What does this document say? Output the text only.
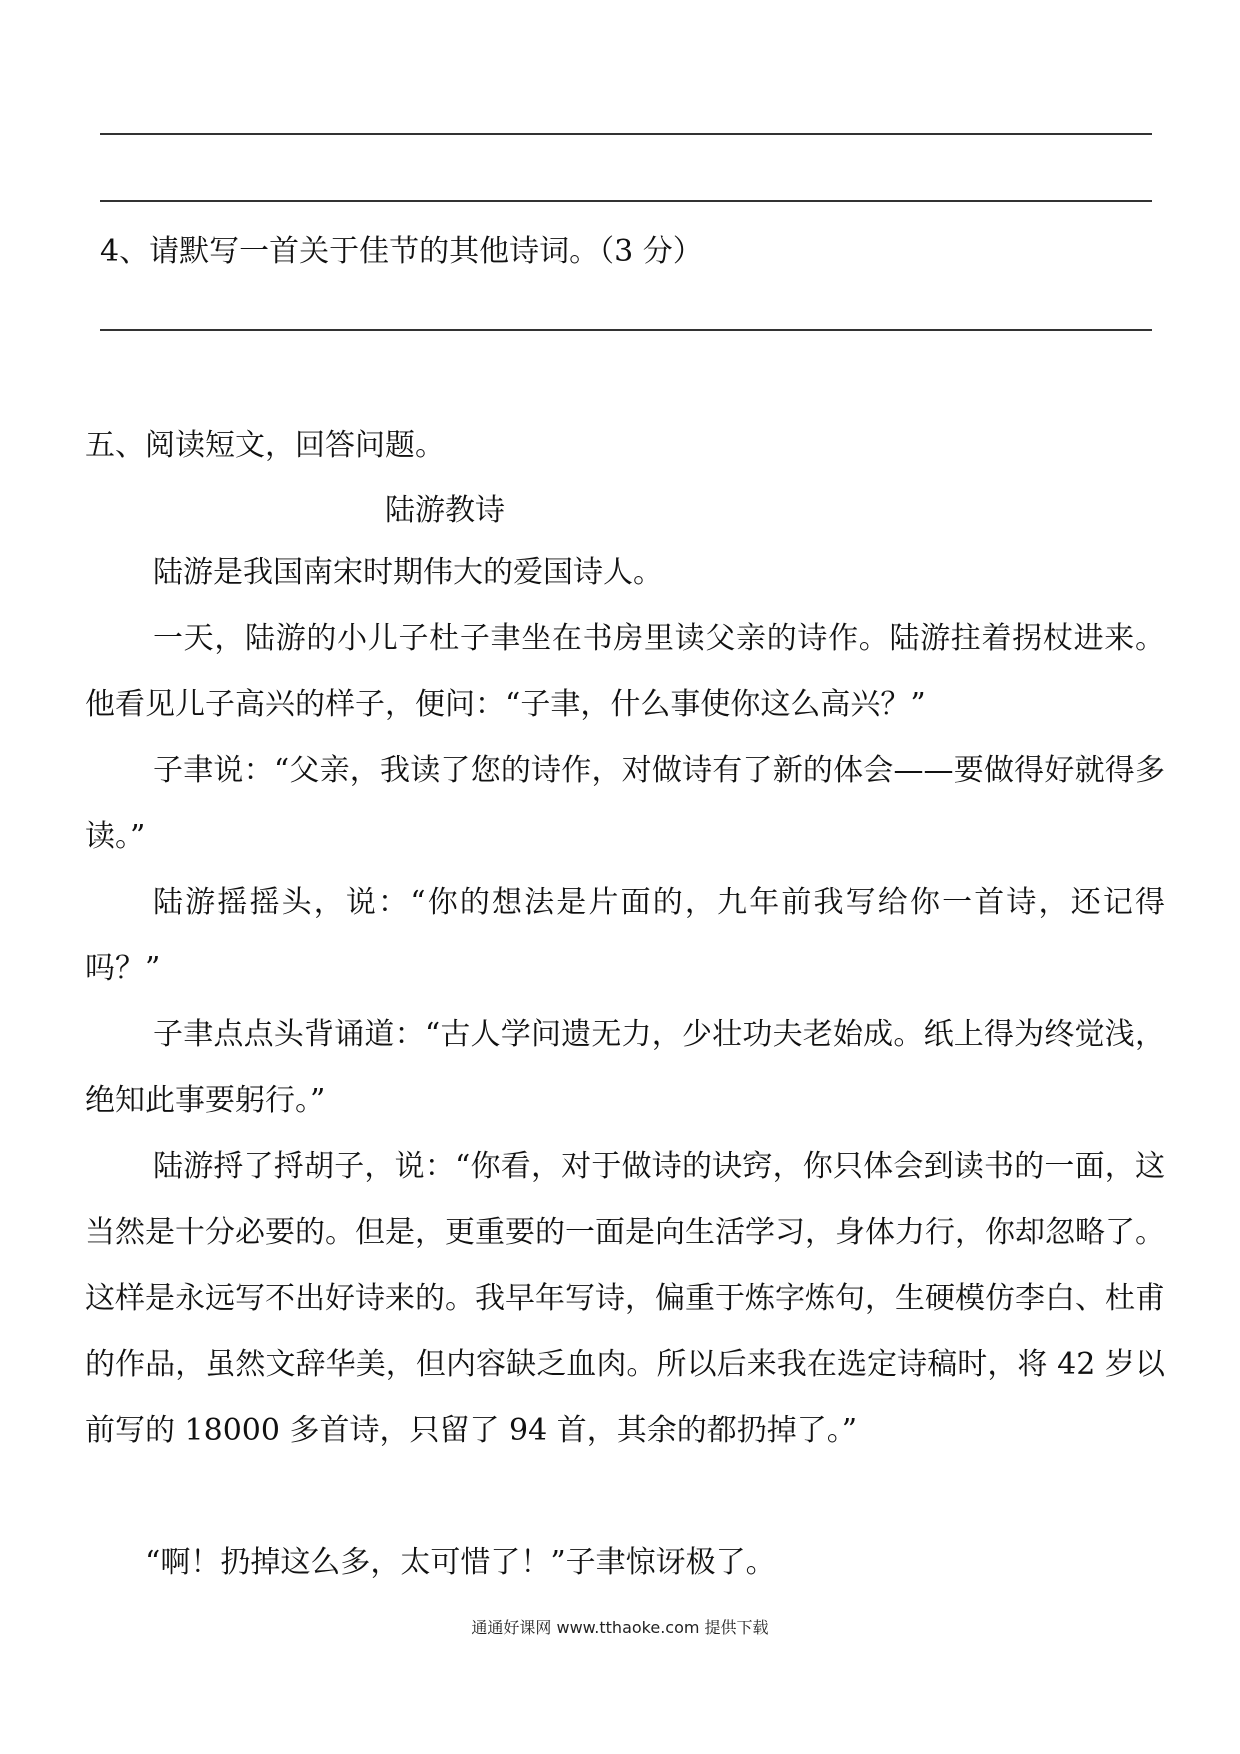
4、请默写一首关于佳节的其他诗词。（3 分）
五、阅读短文，回答问题。
陆游教诗
陆游是我国南宋时期伟大的爱国诗人。
一天，陆游的小儿子杜子聿坐在书房里读父亲的诗作。陆游拄着拐杖进来。他看见儿子高兴的样子，便问：“子聿，什么事使你这么高兴？”
子聿说：“父亲，我读了您的诗作，对做诗有了新的体会——要做得好就得多读。”
陆游摇摇头，说：“你的想法是片面的，九年前我写给你一首诗，还记得吗？”
子聿点点头背诵道：“古人学问遗无力，少壮功夫老始成。纸上得为终觉浅，绝知此事要躬行。”
陆游捋了捋胡子，说：“你看，对于做诗的诀窍，你只体会到读书的一面，这当然是十分必要的。但是，更重要的一面是向生活学习，身体力行，你却忽略了。这样是永远写不出好诗来的。我早年写诗，偏重于炼字炼句，生硬模仿李白、杜甫的作品，虽然文辞华美，但内容缺乏血肉。所以后来我在选定诗稿时，将 42 岁以前写的 18000 多首诗，只留了 94 首，其余的都扔掉了。”
“啊！扔掉这么多，太可惜了！”子聿惊讶极了。
通通好课网 www.tthaoke.com 提供下载
